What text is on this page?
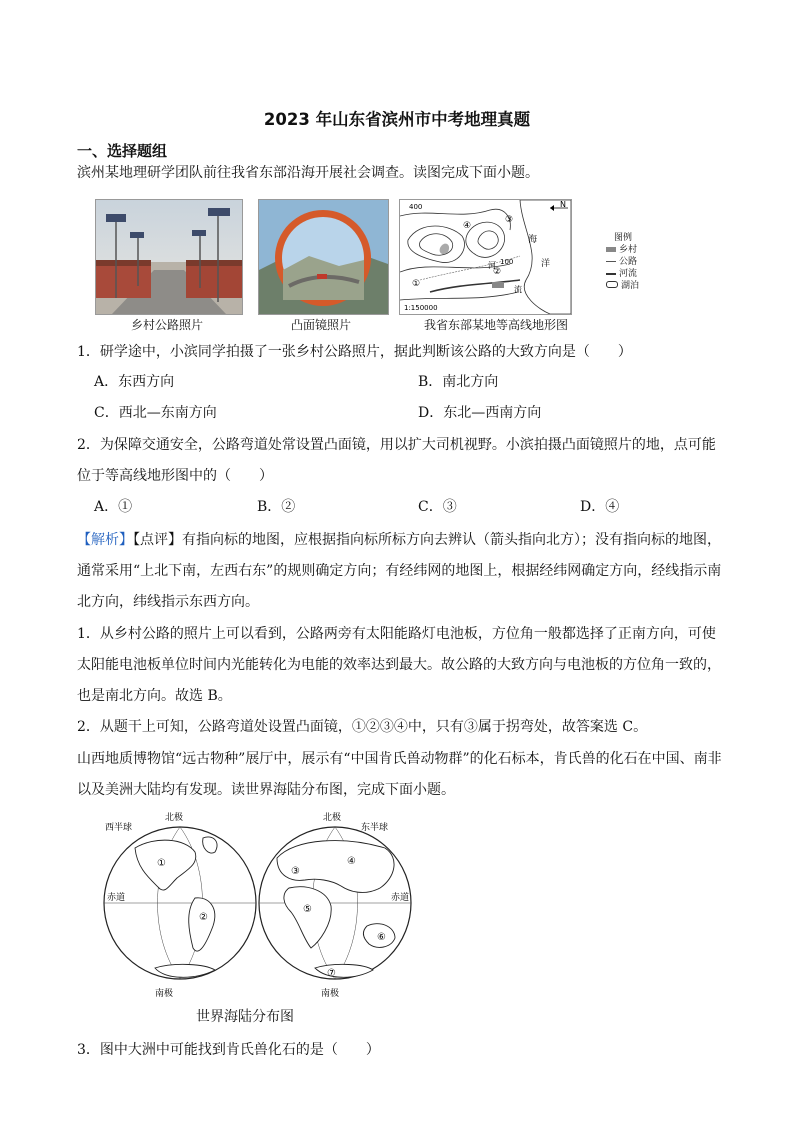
2023 年山东省滨州市中考地理真题
一、选择题组
滨州某地理研学团队前往我省东部沿海开展社会调查。读图完成下面小题。
乡村公路照片	凸面镜照片
400
100
N
1:150000
海
洋
河
流
①
②
③
④
图例
乡村
公路
河流
湖泊
我省东部某地等高线地形图
1．研学途中，小滨同学拍摄了一张乡村公路照片，据此判断该公路的大致方向是（　　）
A．东西方向	B．南北方向
C．西北—东南方向	D．东北—西南方向
2．为保障交通安全，公路弯道处常设置凸面镜，用以扩大司机视野。小滨拍摄凸面镜照片的地，点可能
位于等高线地形图中的（　　）
A．①	B．②	C．③	D．④
【解析】【点评】有指向标的地图，应根据指向标所标方向去辨认（箭头指向北方）；没有指向标的地图，
通常采用“上北下南，左西右东”的规则确定方向；有经纬网的地图上，根据经纬网确定方向，经线指示南
北方向，纬线指示东西方向。
1．从乡村公路的照片上可以看到，公路两旁有太阳能路灯电池板，方位角一般都选择了正南方向，可使
太阳能电池板单位时间内光能转化为电能的效率达到最大。故公路的大致方向与电池板的方位角一致的，
也是南北方向。故选 B。
2．从题干上可知，公路弯道处设置凸面镜，①②③④中，只有③属于拐弯处，故答案选 C。
山西地质博物馆“远古物种”展厅中，展示有“中国肯氏兽动物群”的化石标本，肯氏兽的化石在中国、南非
以及美洲大陆均有发现。读世界海陆分布图，完成下面小题。
西半球	东半球
北极	北极
南极	南极
赤道	赤道
①
②
③
④
⑤
⑥
⑦
世界海陆分布图
3．图中大洲中可能找到肯氏兽化石的是（　　）
